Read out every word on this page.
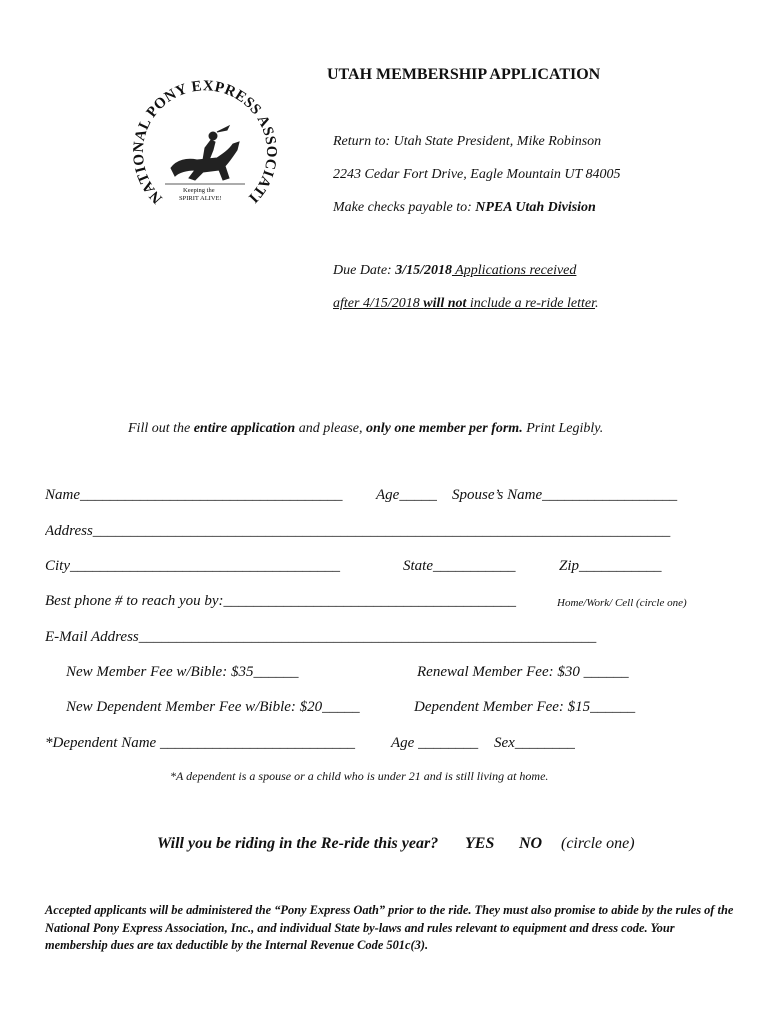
NATIONAL PONY EXPRESS ASSOCIATI
Keeping the
SPIRIT ALIVE!
UTAH MEMBERSHIP APPLICATION
Return to: Utah State President, Mike Robinson
2243 Cedar Fort Drive, Eagle Mountain UT 84005
Make checks payable to: NPEA Utah Division
Due Date: 3/15/2018 Applications received
after 4/15/2018 will not include a re-ride letter.
Fill out the entire application and please, only one member per form. Print Legibly.
Name___________________________________ Age_____ Spouse’s Name__________________
Address_____________________________________________________________________________
City____________________________________	State___________	Zip___________
Best phone # to reach you by:_______________________________________	Home/Work/ Cell (circle one)
E-Mail Address_____________________________________________________________
New Member Fee w/Bible: $35______	Renewal Member Fee: $30 ______
New Dependent Member Fee w/Bible: $20_____	Dependent Member Fee: $15______
*Dependent Name __________________________ Age ________ Sex________
*A dependent is a spouse or a child who is under 21 and is still living at home.
Will you be riding in the Re-ride this year? YES NO (circle one)
Accepted applicants will be administered the “Pony Express Oath” prior to the ride. They must also promise to abide by the rules of the National Pony Express Association, Inc., and individual State by-laws and rules relevant to equipment and dress code. Your membership dues are tax deductible by the Internal Revenue Code 501c(3).
